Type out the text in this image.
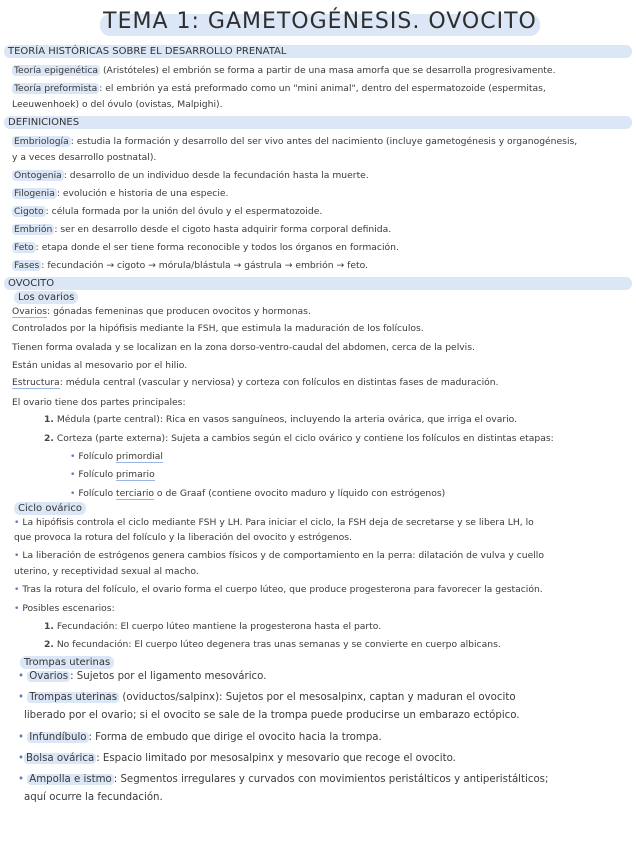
TEMA 1: GAMETOGÉNESIS. OVOCITO
TEORÍA HISTÓRICAS SOBRE EL DESARROLLO PRENATAL
Teoría epigenética (Aristóteles) el embrión se forma a partir de una masa amorfa que se desarrolla progresivamente.
Teoría preformista : el embrión ya está preformado como un "mini animal", dentro del espermatozoide (espermitas,
Leeuwenhoek) o del óvulo (ovistas, Malpighi).
DEFINICIONES
Embriología : estudia la formación y desarrollo del ser vivo antes del nacimiento (incluye gametogénesis y organogénesis,
y a veces desarrollo postnatal).
Ontogenia : desarrollo de un individuo desde la fecundación hasta la muerte.
Filogenia : evolución e historia de una especie.
Cigoto : célula formada por la unión del óvulo y el espermatozoide.
Embrión : ser en desarrollo desde el cigoto hasta adquirir forma corporal definida.
Feto : etapa donde el ser tiene forma reconocible y todos los órganos en formación.
Fases : fecundación → cigoto → mórula/blástula → gástrula → embrión → feto.
OVOCITO
Los ovarios
Ovarios: gónadas femeninas que producen ovocitos y hormonas.
Controlados por la hipófisis mediante la FSH, que estimula la maduración de los folículos.
Tienen forma ovalada y se localizan en la zona dorso-ventro-caudal del abdomen, cerca de la pelvis.
Están unidas al mesovario por el hilio.
Estructura: médula central (vascular y nerviosa) y corteza con folículos en distintas fases de maduración.
El ovario tiene dos partes principales:
1. Médula (parte central): Rica en vasos sanguíneos, incluyendo la arteria ovárica, que irriga el ovario.
2. Corteza (parte externa): Sujeta a cambios según el ciclo ovárico y contiene los folículos en distintas etapas:
• Folículo primordial
• Folículo primario
• Folículo terciario o de Graaf (contiene ovocito maduro y líquido con estrógenos)
Ciclo ovárico
• La hipófisis controla el ciclo mediante FSH y LH. Para iniciar el ciclo, la FSH deja de secretarse y se libera LH, lo
que provoca la rotura del folículo y la liberación del ovocito y estrógenos.
• La liberación de estrógenos genera cambios físicos y de comportamiento en la perra: dilatación de vulva y cuello
uterino, y receptividad sexual al macho.
• Tras la rotura del folículo, el ovario forma el cuerpo lúteo, que produce progesterona para favorecer la gestación.
• Posibles escenarios:
1. Fecundación: El cuerpo lúteo mantiene la progesterona hasta el parto.
2. No fecundación: El cuerpo lúteo degenera tras unas semanas y se convierte en cuerpo albicans.
Trompas uterinas
• Ovarios : Sujetos por el ligamento mesovárico.
• Trompas uterinas (oviductos/salpinx): Sujetos por el mesosalpinx, captan y maduran el ovocito
liberado por el ovario; si el ovocito se sale de la trompa puede producirse un embarazo ectópico.
• Infundíbulo : Forma de embudo que dirige el ovocito hacia la trompa.
• Bolsa ovárica : Espacio limitado por mesosalpinx y mesovario que recoge el ovocito.
• Ampolla e istmo : Segmentos irregulares y curvados con movimientos peristálticos y antiperistálticos;
aquí ocurre la fecundación.
